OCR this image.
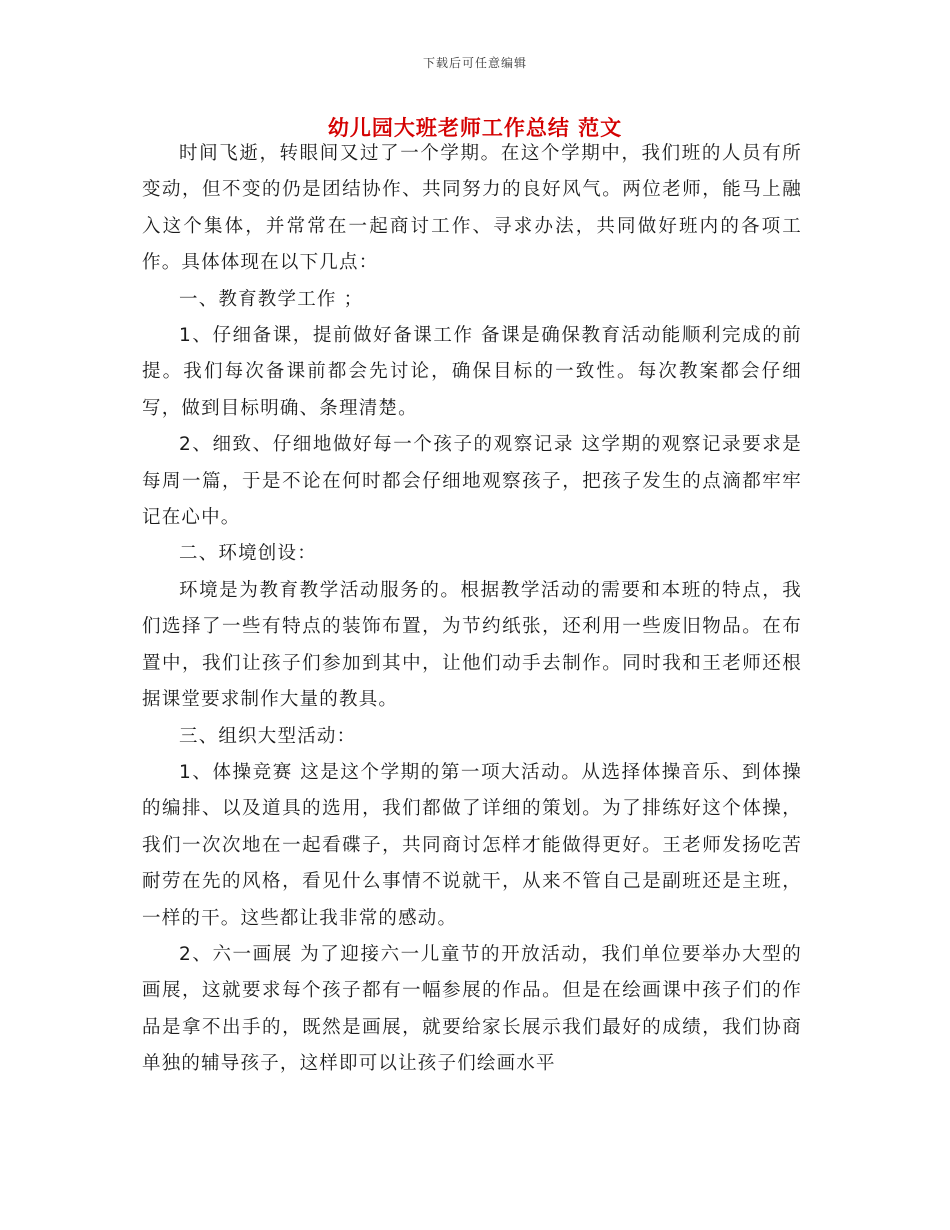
下载后可任意编辑
幼儿园大班老师工作总结 范文

时间飞逝，转眼间又过了一个学期。在这个学期中，我们班的人员有所变动，但不变的仍是团结协作、共同努力的良好风气。两位老师，能马上融入这个集体，并常常在一起商讨工作、寻求办法，共同做好班内的各项工作。具体体现在以下几点：

一、教育教学工作 ；

1、仔细备课，提前做好备课工作 备课是确保教育活动能顺利完成的前提。我们每次备课前都会先讨论，确保目标的一致性。每次教案都会仔细写，做到目标明确、条理清楚。

2、细致、仔细地做好每一个孩子的观察记录 这学期的观察记录要求是每周一篇，于是不论在何时都会仔细地观察孩子，把孩子发生的点滴都牢牢记在心中。

二、环境创设：

环境是为教育教学活动服务的。根据教学活动的需要和本班的特点，我们选择了一些有特点的装饰布置，为节约纸张，还利用一些废旧物品。在布置中，我们让孩子们参加到其中，让他们动手去制作。同时我和王老师还根据课堂要求制作大量的教具。

三、组织大型活动：

1、体操竞赛 这是这个学期的第一项大活动。从选择体操音乐、到体操的编排、以及道具的选用，我们都做了详细的策划。为了排练好这个体操，我们一次次地在一起看碟子，共同商讨怎样才能做得更好。王老师发扬吃苦耐劳在先的风格，看见什么事情不说就干，从来不管自己是副班还是主班，一样的干。这些都让我非常的感动。

2、六一画展 为了迎接六一儿童节的开放活动，我们单位要举办大型的画展，这就要求每个孩子都有一幅参展的作品。但是在绘画课中孩子们的作品是拿不出手的，既然是画展，就要给家长展示我们最好的成绩，我们协商单独的辅导孩子，这样即可以让孩子们绘画水平
